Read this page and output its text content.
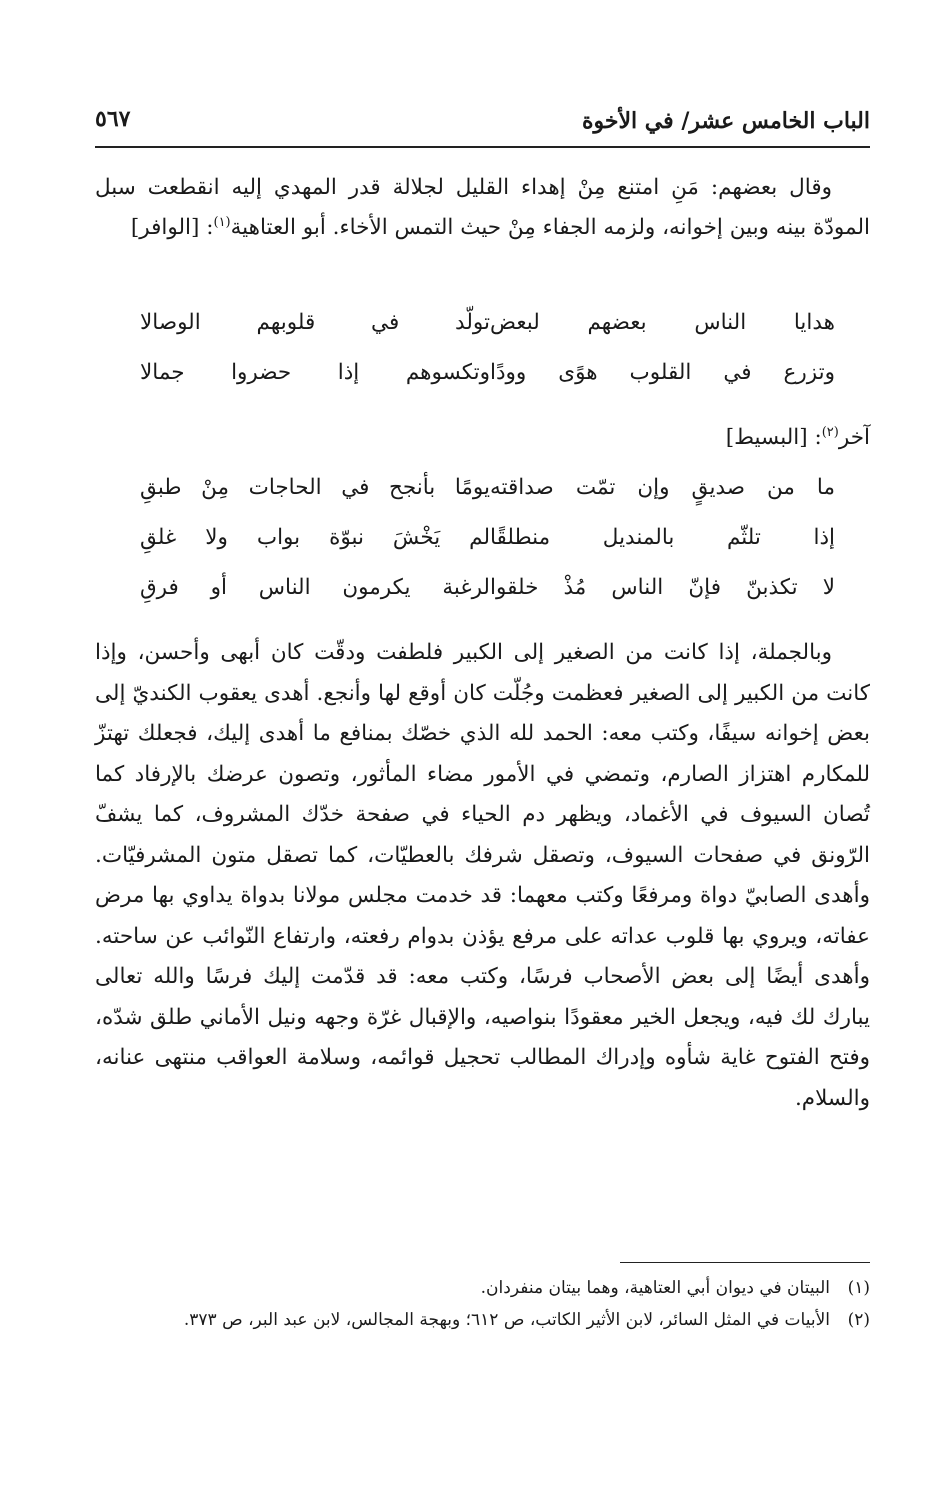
الباب الخامس عشر/ في الأخوة
٥٦٧

وقال بعضهم: مَنِ امتنع مِنْ إهداء القليل لجلالة قدر المهدي إليه انقطعت سبل المودّة بينه وبين إخوانه، ولزمه الجفاء مِنْ حيث التمس الأخاء. أبو العتاهية$^{(١)}$: [الوافر]

هدايا الناس بعضهم لبعض
تولّد في قلوبهم الوصالا
وتزرع في القلوب هوًى وودًا
وتكسوهم إذا حضروا جمالا
آخر$^{(٢)}$: [البسيط]
ما من صديقٍ وإن تمّت صداقته
يومًا بأنجح في الحاجات مِنْ طبقِ
إذا تلثّم بالمنديل منطلقًا
لم يَخْشَ نبوّة بواب ولا غلقِ
لا تكذبنّ فإنّ الناس مُذْ خلقوا
لرغبة يكرمون الناس أو فرقِ

وبالجملة، إذا كانت من الصغير إلى الكبير فلطفت ودقّت كان أبهى وأحسن، وإذا كانت من الكبير إلى الصغير فعظمت وجُلّت كان أوقع لها وأنجع. أهدى يعقوب الكنديّ إلى بعض إخوانه سيفًا، وكتب معه: الحمد لله الذي خصّك بمنافع ما أهدى إليك، فجعلك تهتزّ للمكارم اهتزاز الصارم، وتمضي في الأمور مضاء المأثور، وتصون عرضك بالإرفاد كما تُصان السيوف في الأغماد، ويظهر دم الحياء في صفحة خدّك المشروف، كما يشفّ الرّونق في صفحات السيوف، وتصقل شرفك بالعطيّات، كما تصقل متون المشرفيّات. وأهدى الصابيّ دواة ومرفعًا وكتب معهما: قد خدمت مجلس مولانا بدواة يداوي بها مرض عفاته، ويروي بها قلوب عداته على مرفع يؤذن بدوام رفعته، وارتفاع النّوائب عن ساحته. وأهدى أيضًا إلى بعض الأصحاب فرسًا، وكتب معه: قد قدّمت إليك فرسًا والله تعالى يبارك لك فيه، ويجعل الخير معقودًا بنواصيه، والإقبال غرّة وجهه ونيل الأماني طلق شدّه، وفتح الفتوح غاية شأوه وإدراك المطالب تحجيل قوائمه، وسلامة العواقب منتهى عنانه، والسلام.

(١)
البيتان في ديوان أبي العتاهية، وهما بيتان منفردان.

(٢)
الأبيات في المثل السائر، لابن الأثير الكاتب، ص ٦١٢؛ وبهجة المجالس، لابن عبد البر، ص ٣٧٣.
